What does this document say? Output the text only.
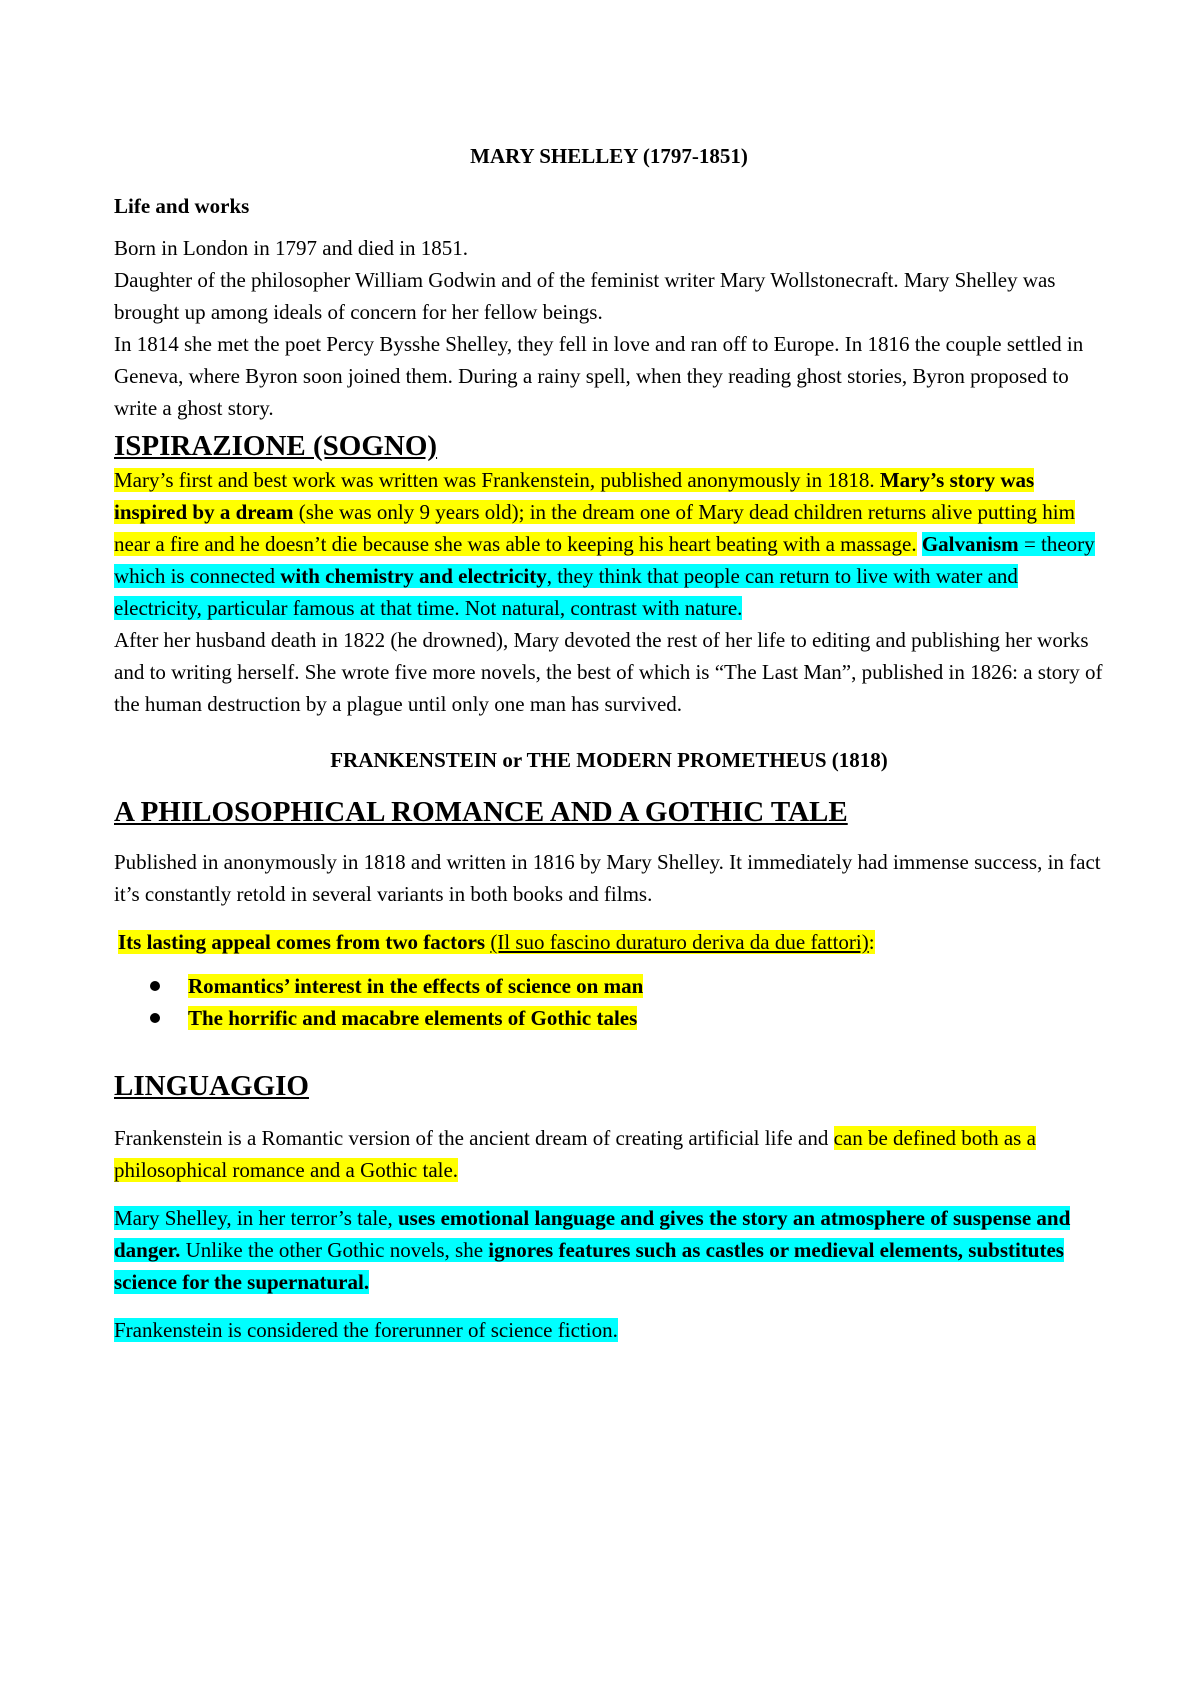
MARY SHELLEY (1797-1851)

Life and works

Born in London in 1797 and died in 1851.

Daughter of the philosopher William Godwin and of the feminist writer Mary Wollstonecraft. Mary Shelley was brought up among ideals of concern for her fellow beings.

In 1814 she met the poet Percy Bysshe Shelley, they fell in love and ran off to Europe. In 1816 the couple settled in Geneva, where Byron soon joined them. During a rainy spell, when they reading ghost stories, Byron proposed to write a ghost story.

ISPIRAZIONE (SOGNO)

Mary’s first and best work was written was Frankenstein, published anonymously in 1818. Mary’s story was inspired by a dream (she was only 9 years old); in the dream one of Mary dead children returns alive putting him near a fire and he doesn’t die because she was able to keeping his heart beating with a massage. Galvanism = theory which is connected with chemistry and electricity, they think that people can return to live with water and electricity, particular famous at that time. Not natural, contrast with nature.

After her husband death in 1822 (he drowned), Mary devoted the rest of her life to editing and publishing her works and to writing herself. She wrote five more novels, the best of which is “The Last Man”, published in 1826: a story of the human destruction by a plague until only one man has survived.

FRANKENSTEIN or THE MODERN PROMETHEUS (1818)

A PHILOSOPHICAL ROMANCE AND A GOTHIC TALE

Published in anonymously in 1818 and written in 1816 by Mary Shelley. It immediately had immense success, in fact it’s constantly retold in several variants in both books and films.

Its lasting appeal comes from two factors (Il suo fascino duraturo deriva da due fattori):

Romantics’ interest in the effects of science on man
The horrific and macabre elements of Gothic tales

LINGUAGGIO

Frankenstein is a Romantic version of the ancient dream of creating artificial life and can be defined both as a philosophical romance and a Gothic tale.

Mary Shelley, in her terror’s tale, uses emotional language and gives the story an atmosphere of suspense and danger. Unlike the other Gothic novels, she ignores features such as castles or medieval elements, substitutes science for the supernatural.

Frankenstein is considered the forerunner of science fiction.
